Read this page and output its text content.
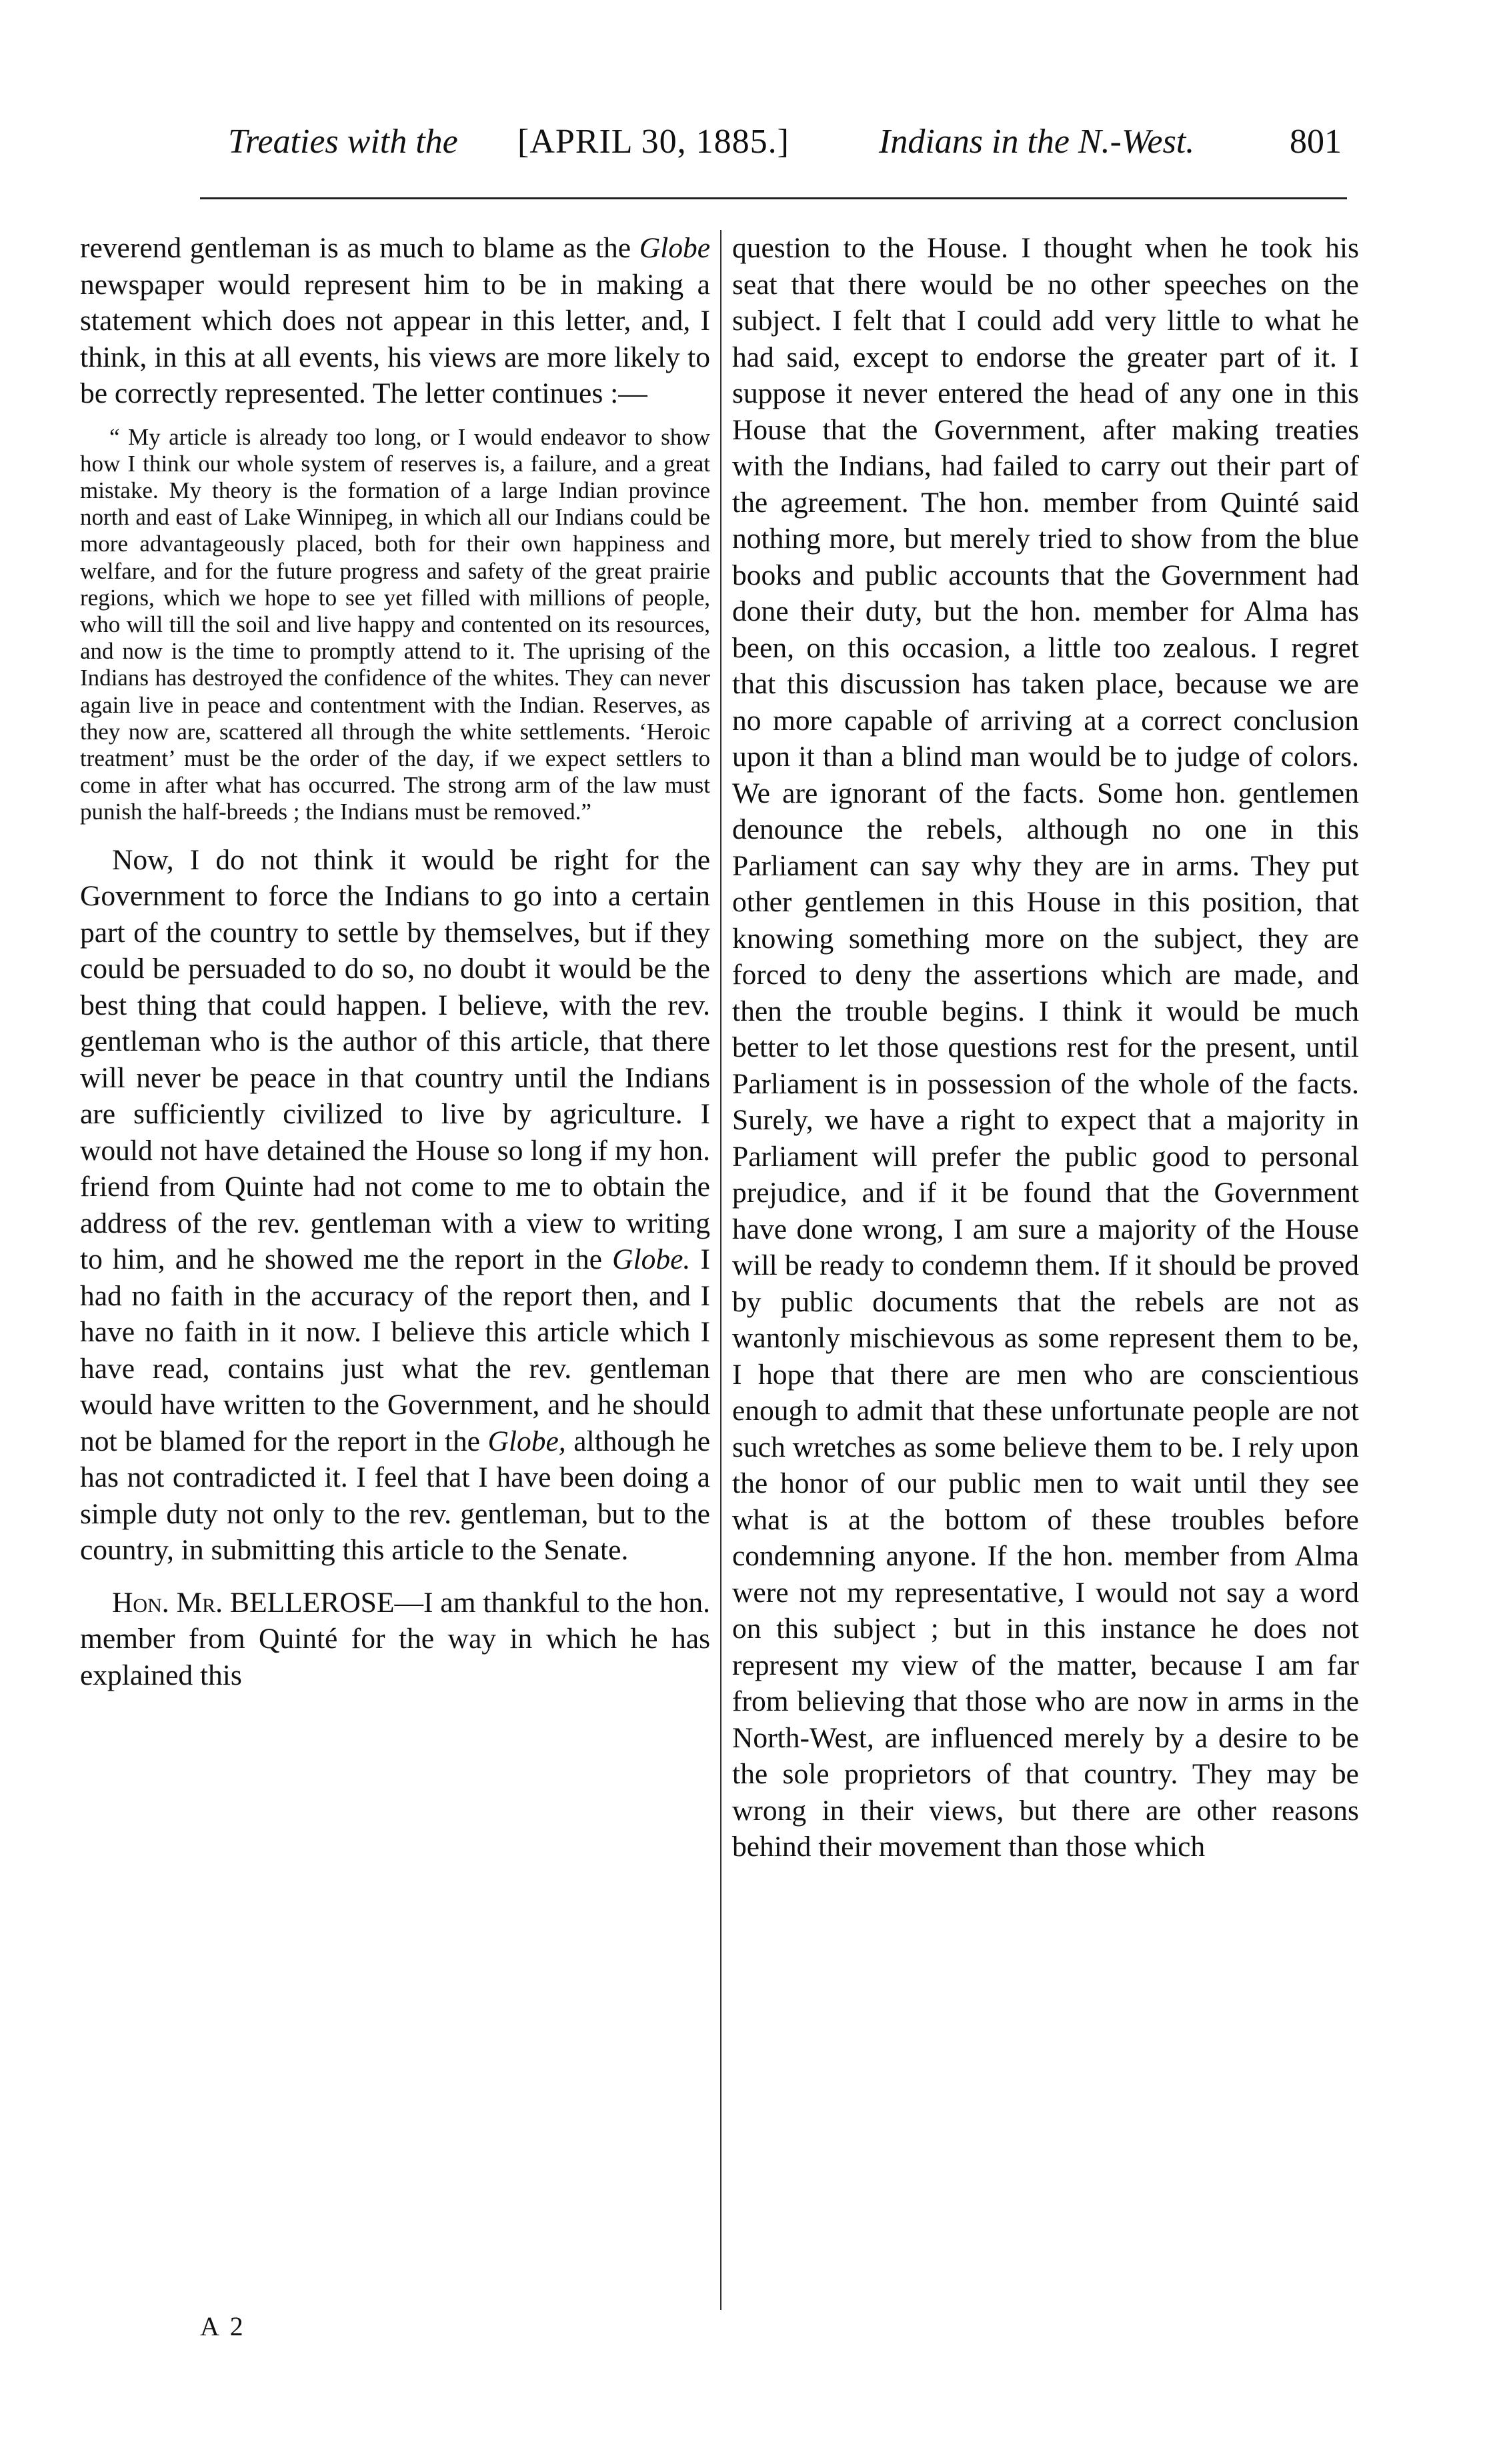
Treaties with the [APRIL 30, 1885.]	Indians in the N.-West.	801

reverend gentleman is as much to blame as the Globe newspaper would represent him to be in making a statement which does not appear in this letter, and, I think, in this at all events, his views are more likely to be correctly represented. The letter continues :—

“ My article is already too long, or I would endeavor to show how I think our whole system of reserves is, a failure, and a great mistake. My theory is the formation of a large Indian province north and east of Lake Winnipeg, in which all our Indians could be more advantageously placed, both for their own happiness and welfare, and for the future progress and safety of the great prairie regions, which we hope to see yet filled with millions of people, who will till the soil and live happy and contented on its resources, and now is the time to promptly attend to it. The uprising of the Indians has destroyed the confidence of the whites. They can never again live in peace and contentment with the Indian. Reserves, as they now are, scattered all through the white settlements. ‘Heroic treatment’ must be the order of the day, if we expect settlers to come in after what has occurred. The strong arm of the law must punish the half-breeds ; the Indians must be removed.”

Now, I do not think it would be right for the Government to force the Indians to go into a certain part of the country to settle by themselves, but if they could be persuaded to do so, no doubt it would be the best thing that could happen. I believe, with the rev. gentleman who is the author of this article, that there will never be peace in that country until the Indians are sufficiently civilized to live by agriculture. I would not have detained the House so long if my hon. friend from Quinte had not come to me to obtain the address of the rev. gentleman with a view to writing to him, and he showed me the report in the Globe. I had no faith in the accuracy of the report then, and I have no faith in it now. I believe this article which I have read, contains just what the rev. gentleman would have written to the Government, and he should not be blamed for the report in the Globe, although he has not contradicted it. I feel that I have been doing a simple duty not only to the rev. gentleman, but to the country, in submitting this article to the Senate.

Hon. Mr. BELLEROSE—I am thankful to the hon. member from Quinté for the way in which he has explained this

question to the House. I thought when he took his seat that there would be no other speeches on the subject. I felt that I could add very little to what he had said, except to endorse the greater part of it. I suppose it never entered the head of any one in this House that the Government, after making treaties with the Indians, had failed to carry out their part of the agreement. The hon. member from Quinté said nothing more, but merely tried to show from the blue books and public accounts that the Government had done their duty, but the hon. member for Alma has been, on this occasion, a little too zealous. I regret that this discussion has taken place, because we are no more capable of arriving at a correct conclusion upon it than a blind man would be to judge of colors. We are ignorant of the facts. Some hon. gentlemen denounce the rebels, although no one in this Parliament can say why they are in arms. They put other gentlemen in this House in this position, that knowing something more on the subject, they are forced to deny the assertions which are made, and then the trouble begins. I think it would be much better to let those questions rest for the present, until Parliament is in possession of the whole of the facts. Surely, we have a right to expect that a majority in Parliament will prefer the public good to personal prejudice, and if it be found that the Government have done wrong, I am sure a majority of the House will be ready to condemn them. If it should be proved by public documents that the rebels are not as wantonly mischievous as some represent them to be, I hope that there are men who are conscientious enough to admit that these unfortunate people are not such wretches as some believe them to be. I rely upon the honor of our public men to wait until they see what is at the bottom of these troubles before condemning anyone. If the hon. member from Alma were not my representative, I would not say a word on this subject ; but in this instance he does not represent my view of the matter, because I am far from believing that those who are now in arms in the North-West, are influenced merely by a desire to be the sole proprietors of that country. They may be wrong in their views, but there are other reasons behind their movement than those which

A 2
